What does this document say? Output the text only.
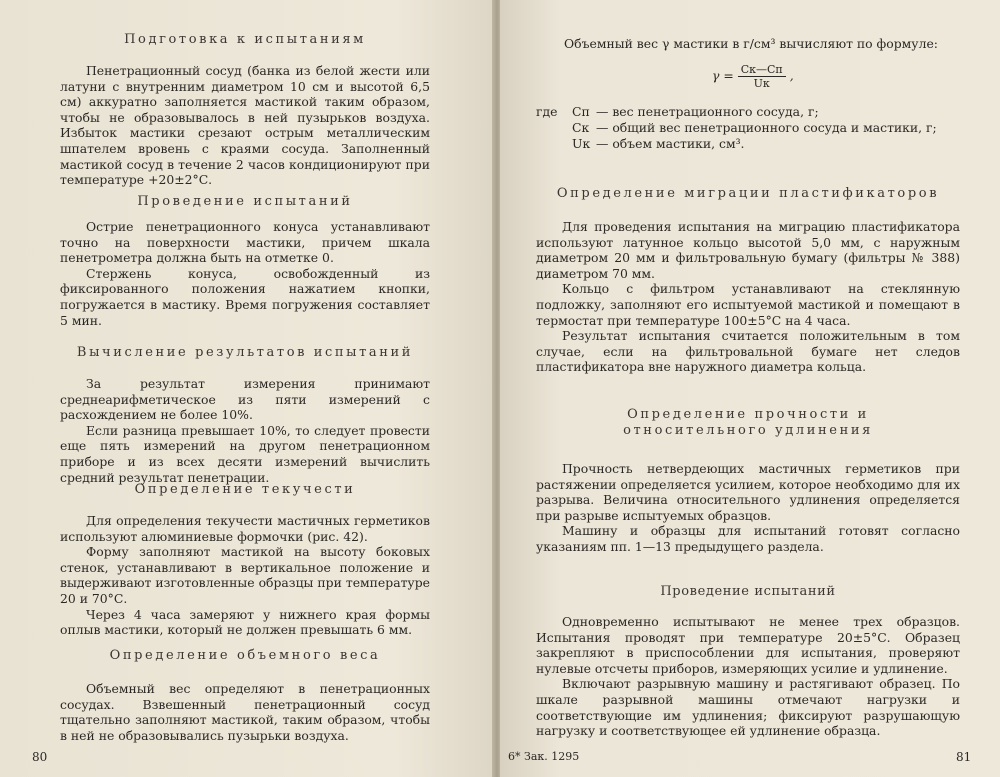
Подготовка к испытаниям

Пенетрационный сосуд (банка из белой жести или латуни с внутренним диаметром 10 см и высотой 6,5 см) аккуратно заполняется мастикой таким образом, чтобы не образовывалось в ней пузырьков воздуха. Избыток мастики срезают острым металлическим шпателем вровень с краями сосуда. Заполненный мастикой сосуд в течение 2 часов кондиционируют при температуре +20±2°С.

Проведение испытаний

Острие пенетрационного конуса устанавливают точно на поверхности мастики, причем шкала пенетрометра должна быть на отметке 0.

Стержень конуса, освобожденный из фиксированного положения нажатием кнопки, погружается в мастику. Время погружения составляет 5 мин.

Вычисление результатов испытаний

За результат измерения принимают среднеарифметическое из пяти измерений с расхождением не более 10%.

Если разница превышает 10%, то следует провести еще пять измерений на другом пенетрационном приборе и из всех десяти измерений вычислить средний результат пенетрации.

Определение текучести

Для определения текучести мастичных герметиков используют алюминиевые формочки (рис. 42).

Форму заполняют мастикой на высоту боковых стенок, устанавливают в вертикальное положение и выдерживают изготовленные образцы при температуре 20 и 70°С.

Через 4 часа замеряют у нижнего края формы оплыв мастики, который не должен превышать 6 мм.

Определение объемного веса

Объемный вес определяют в пенетрационных сосудах. Взвешенный пенетрационный сосуд тщательно заполняют мастикой, таким образом, чтобы в ней не образовывались пузырьки воздуха.

80

Объемный вес γ мастики в г/см³ вычисляют по формуле:

$\gamma = \frac{Ск—Сп}{Uк}$ ,
где	Сп — вес пенетрационного сосуда, г;
Ск — общий вес пенетрационного сосуда и мастики, г;
Uк — объем мастики, см³.
Определение миграции пластификаторов

Для проведения испытания на миграцию пластификатора используют латунное кольцо высотой 5,0 мм, с наружным диаметром 20 мм и фильтровальную бумагу (фильтры № 388) диаметром 70 мм.

Кольцо с фильтром устанавливают на стеклянную подложку, заполняют его испытуемой мастикой и помещают в термостат при температуре 100±5°С на 4 часа.

Результат испытания считается положительным в том случае, если на фильтровальной бумаге нет следов пластификатора вне наружного диаметра кольца.

Определение прочности и
относительного удлинения

Прочность нетвердеющих мастичных герметиков при растяжении определяется усилием, которое необходимо для их разрыва. Величина относительного удлинения определяется при разрыве испытуемых образцов.

Машину и образцы для испытаний готовят согласно указаниям пп. 1—13 предыдущего раздела.

Проведение испытаний

Одновременно испытывают не менее трех образцов. Испытания проводят при температуре 20±5°С. Образец закрепляют в приспособлении для испытания, проверяют нулевые отсчеты приборов, измеряющих усилие и удлинение.

Включают разрывную машину и растягивают образец. По шкале разрывной машины отмечают нагрузки и соответствующие им удлинения; фиксируют разрушающую нагрузку и соответствующее ей удлинение образца.

6* Зак. 1295	81
